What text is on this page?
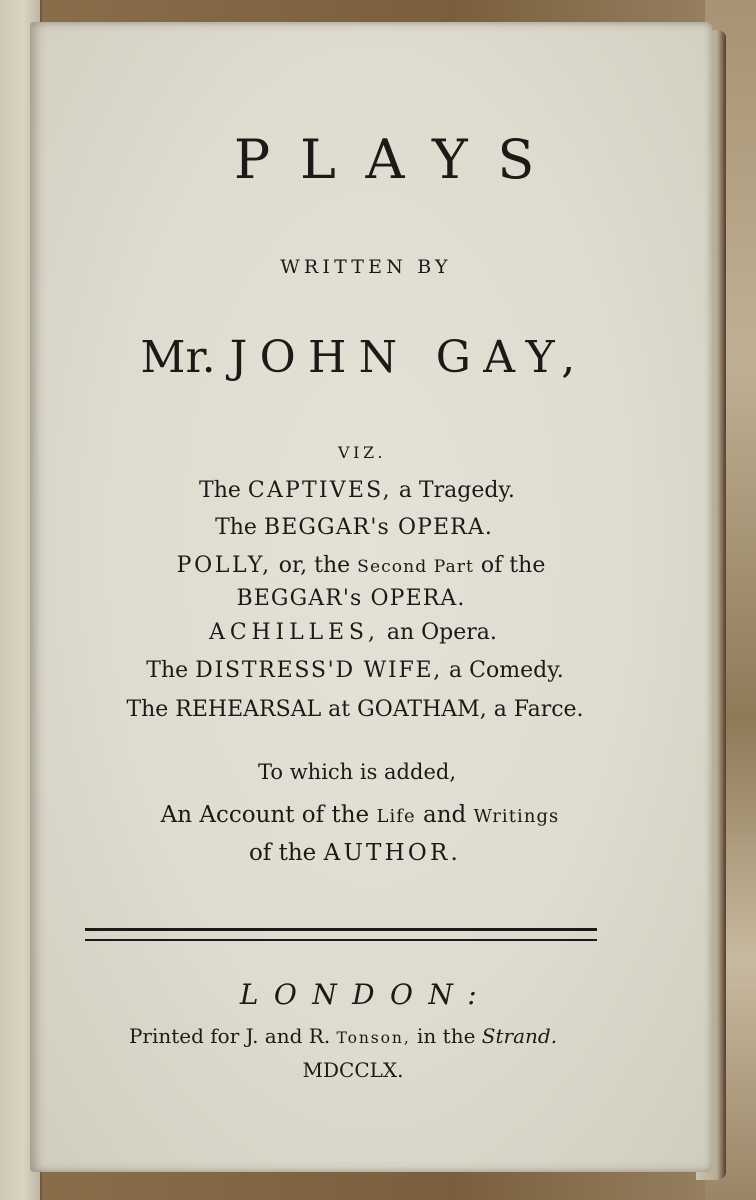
PLAYS
WRITTEN BY
Mr. JOHN GAY,
VIZ.
The CAPTIVES, a Tragedy.
The BEGGAR's OPERA.
POLLY, or, the Second Part of the
BEGGAR's OPERA.
ACHILLES, an Opera.
The DISTRESS'D WIFE, a Comedy.
The REHEARSAL at GOATHAM, a Farce.
To which is added,
An Account of the Life and Writings
of the AUTHOR.
LONDON:
Printed for J. and R. Tonson, in the Strand.
MDCCLX.
